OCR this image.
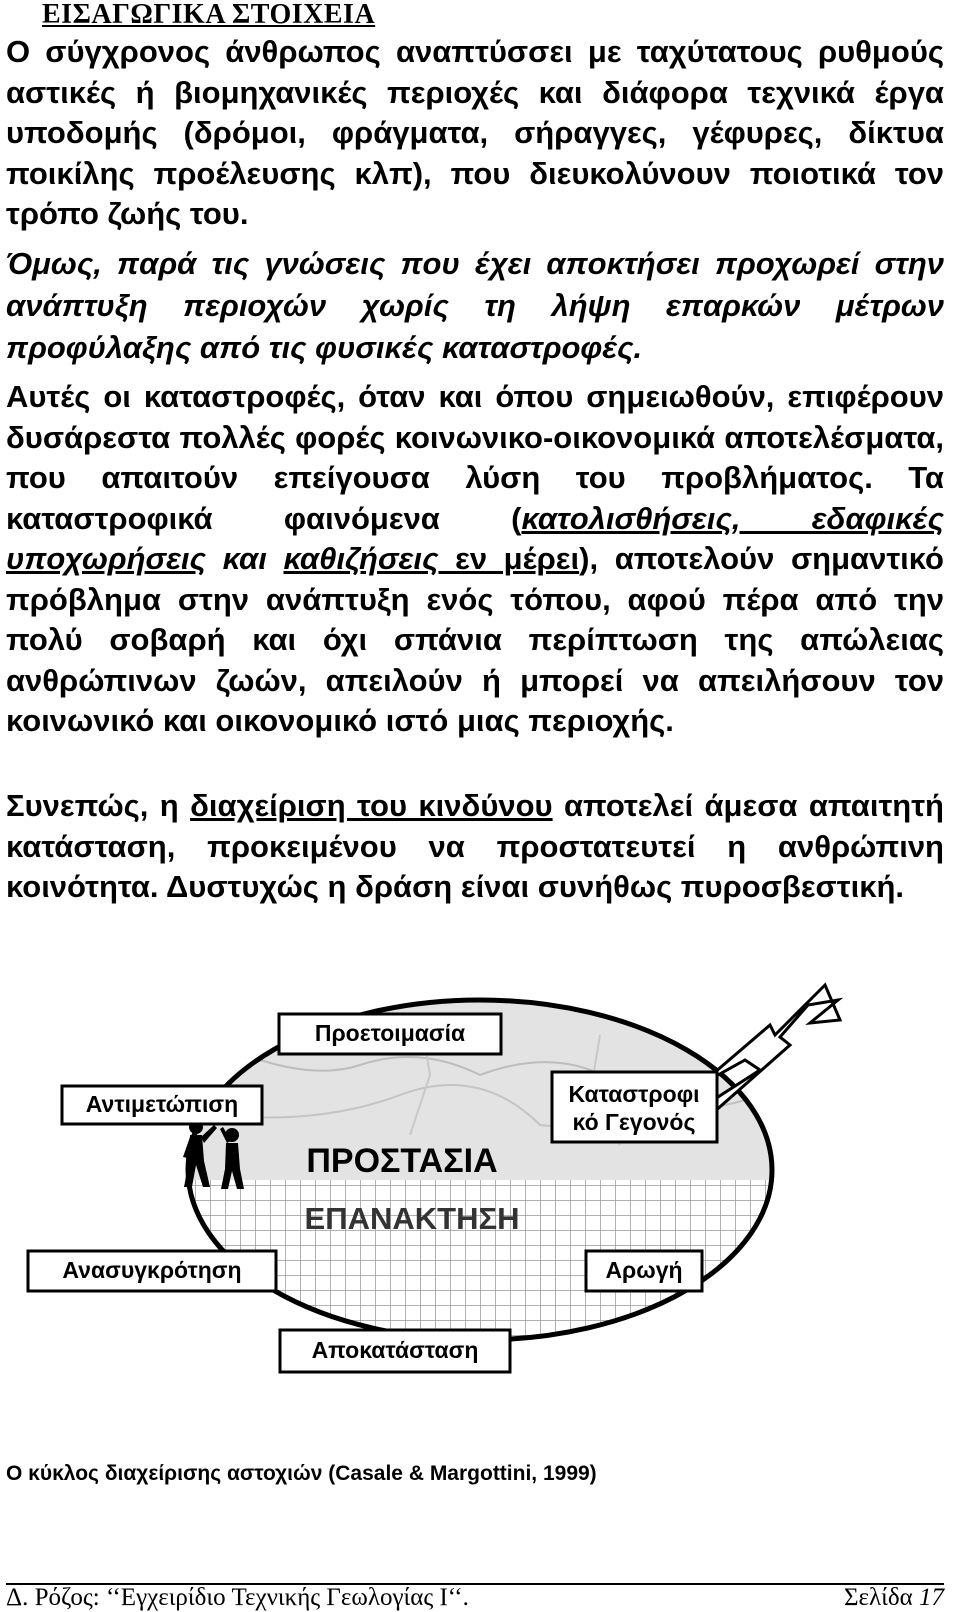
ΕΙΣΑΓΩΓΙΚΑ ΣΤΟΙΧΕΙΑ

Ο σύγχρονος άνθρωπος αναπτύσσει με ταχύτατους ρυθμούς αστικές ή βιομηχανικές περιοχές και διάφορα τεχνικά έργα υποδομής (δρόμοι, φράγματα, σήραγγες, γέφυρες, δίκτυα ποικίλης προέλευσης κλπ), που διευκολύνουν ποιοτικά τον τρόπο ζωής του.

Όμως, παρά τις γνώσεις που έχει αποκτήσει προχωρεί στην ανάπτυξη περιοχών χωρίς τη λήψη επαρκών μέτρων προφύλαξης από τις φυσικές καταστροφές.

Αυτές οι καταστροφές, όταν και όπου σημειωθούν, επιφέρουν δυσάρεστα πολλές φορές κοινωνικο-οικονομικά αποτελέσματα, που απαιτούν επείγουσα λύση του προβλήματος. Τα καταστροφικά φαινόμενα (κατολισθήσεις, εδαφικές υποχωρήσεις και καθιζήσεις εν μέρει), αποτελούν σημαντικό πρόβλημα στην ανάπτυξη ενός τόπου, αφού πέρα από την πολύ σοβαρή και όχι σπάνια περίπτωση της απώλειας ανθρώπινων ζωών, απειλούν ή μπορεί να απειλήσουν τον κοινωνικό και οικονομικό ιστό μιας περιοχής.

Συνεπώς, η διαχείριση του κινδύνου αποτελεί άμεσα απαιτητή κατάσταση, προκειμένου να προστατευτεί η ανθρώπινη κοινότητα. Δυστυχώς η δράση είναι συνήθως πυροσβεστική.

Προετοιμασία
Αντιμετώπιση	Καταστροφι
κό Γεγονός
ΠΡΟΣΤΑΣΙΑ
ΕΠΑΝΑΚΤΗΣΗ
Ανασυγκρότηση	Αρωγή
Αποκατάσταση
Ο κύκλος διαχείρισης αστοχιών (Casale & Margottini, 1999)
Δ. Ρόζος: ‘‘Εγχειρίδιο Τεχνικής Γεωλογίας Ι‘‘.	Σελίδα 17
